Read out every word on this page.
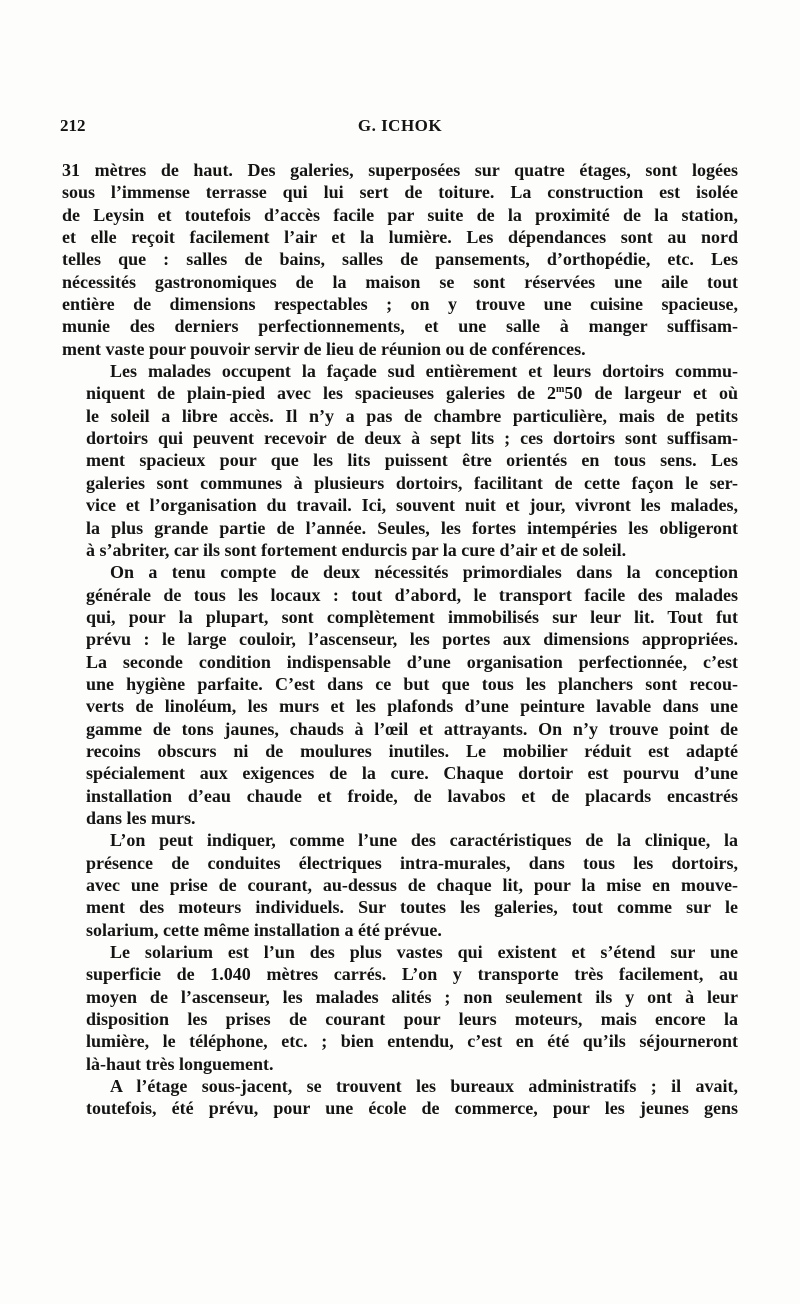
212	G. ICHOK

31 mètres de haut. Des galeries, superposées sur quatre étages, sont logées
sous l’immense terrasse qui lui sert de toiture. La construction est isolée
de Leysin et toutefois d’accès facile par suite de la proximité de la station,
et elle reçoit facilement l’air et la lumière. Les dépendances sont au nord
telles que : salles de bains, salles de pansements, d’orthopédie, etc. Les
nécessités gastronomiques de la maison se sont réservées une aile tout
entière de dimensions respectables ; on y trouve une cuisine spacieuse,
munie des derniers perfectionnements, et une salle à manger suffisam-
ment vaste pour pouvoir servir de lieu de réunion ou de conférences.

Les malades occupent la façade sud entièrement et leurs dortoirs commu-
niquent de plain-pied avec les spacieuses galeries de 2$^m$50 de largeur et où
le soleil a libre accès. Il n’y a pas de chambre particulière, mais de petits
dortoirs qui peuvent recevoir de deux à sept lits ; ces dortoirs sont suffisam-
ment spacieux pour que les lits puissent être orientés en tous sens. Les
galeries sont communes à plusieurs dortoirs, facilitant de cette façon le ser-
vice et l’organisation du travail. Ici, souvent nuit et jour, vivront les malades,
la plus grande partie de l’année. Seules, les fortes intempéries les obligeront
à s’abriter, car ils sont fortement endurcis par la cure d’air et de soleil.

On a tenu compte de deux nécessités primordiales dans la conception
générale de tous les locaux : tout d’abord, le transport facile des malades
qui, pour la plupart, sont complètement immobilisés sur leur lit. Tout fut
prévu : le large couloir, l’ascenseur, les portes aux dimensions appropriées.
La seconde condition indispensable d’une organisation perfectionnée, c’est
une hygiène parfaite. C’est dans ce but que tous les planchers sont recou-
verts de linoléum, les murs et les plafonds d’une peinture lavable dans une
gamme de tons jaunes, chauds à l’œil et attrayants. On n’y trouve point de
recoins obscurs ni de moulures inutiles. Le mobilier réduit est adapté
spécialement aux exigences de la cure. Chaque dortoir est pourvu d’une
installation d’eau chaude et froide, de lavabos et de placards encastrés
dans les murs.

L’on peut indiquer, comme l’une des caractéristiques de la clinique, la
présence de conduites électriques intra-murales, dans tous les dortoirs,
avec une prise de courant, au-dessus de chaque lit, pour la mise en mouve-
ment des moteurs individuels. Sur toutes les galeries, tout comme sur le
solarium, cette même installation a été prévue.

Le solarium est l’un des plus vastes qui existent et s’étend sur une
superficie de 1.040 mètres carrés. L’on y transporte très facilement, au
moyen de l’ascenseur, les malades alités ; non seulement ils y ont à leur
disposition les prises de courant pour leurs moteurs, mais encore la
lumière, le téléphone, etc. ; bien entendu, c’est en été qu’ils séjourneront
là-haut très longuement.

A l’étage sous-jacent, se trouvent les bureaux administratifs ; il avait,
toutefois, été prévu, pour une école de commerce, pour les jeunes gens
